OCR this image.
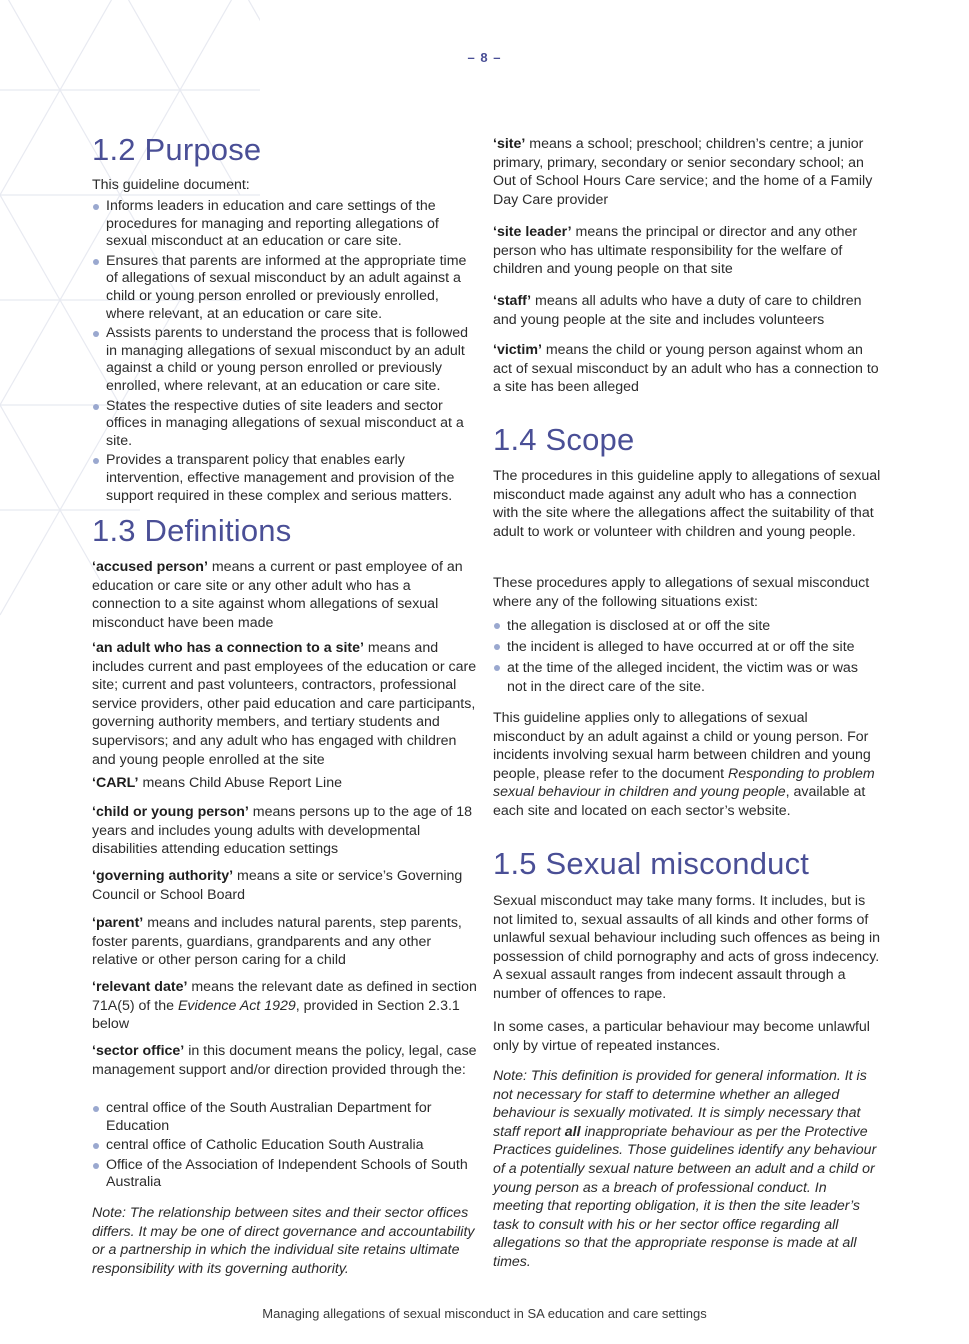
– 8 –
1.2 Purpose

This guideline document:

Informs leaders in education and care settings of the procedures for managing and reporting allegations of sexual misconduct at an education or care site.
Ensures that parents are informed at the appropriate time of allegations of sexual misconduct by an adult against a child or young person enrolled or previously enrolled, where relevant, at an education or care site.
Assists parents to understand the process that is followed in managing allegations of sexual misconduct by an adult against a child or young person enrolled or previously enrolled, where relevant, at an education or care site.
States the respective duties of site leaders and sector offices in managing allegations of sexual misconduct at a site.
Provides a transparent policy that enables early intervention, effective management and provision of the support required in these complex and serious matters.
1.3 Definitions

‘accused person’ means a current or past employee of an education or care site or any other adult who has a connection to a site against whom allegations of sexual misconduct have been made

‘an adult who has a connection to a site’ means and includes current and past employees of the education or care site; current and past volunteers, contractors, professional service providers, other paid education and care participants, governing authority members, and tertiary students and supervisors; and any adult who has engaged with children and young people enrolled at the site

‘CARL’ means Child Abuse Report Line

‘child or young person’ means persons up to the age of 18 years and includes young adults with developmental disabilities attending education settings

‘governing authority’ means a site or service’s Governing Council or School Board

‘parent’ means and includes natural parents, step parents, foster parents, guardians, grandparents and any other relative or other person caring for a child

‘relevant date’ means the relevant date as defined in section 71A(5) of the Evidence Act 1929, provided in Section 2.3.1 below

‘sector office’ in this document means the policy, legal, case management support and/or direction provided through the:

central office of the South Australian Department for Education
central office of Catholic Education South Australia
Office of the Association of Independent Schools of South Australia

Note: The relationship between sites and their sector offices differs. It may be one of direct governance and accountability or a partnership in which the individual site retains ultimate responsibility with its governing authority.

‘site’ means a school; preschool; children’s centre; a junior primary, primary, secondary or senior secondary school; an Out of School Hours Care service; and the home of a Family Day Care provider

‘site leader’ means the principal or director and any other person who has ultimate responsibility for the welfare of children and young people on that site

‘staff’ means all adults who have a duty of care to children and young people at the site and includes volunteers

‘victim’ means the child or young person against whom an act of sexual misconduct by an adult who has a connection to a site has been alleged

1.4 Scope

The procedures in this guideline apply to allegations of sexual misconduct made against any adult who has a connection with the site where the allegations affect the suitability of that adult to work or volunteer with children and young people.

These procedures apply to allegations of sexual misconduct where any of the following situations exist:

the allegation is disclosed at or off the site
the incident is alleged to have occurred at or off the site
at the time of the alleged incident, the victim was or was not in the direct care of the site.

This guideline applies only to allegations of sexual misconduct by an adult against a child or young person. For incidents involving sexual harm between children and young people, please refer to the document Responding to problem sexual behaviour in children and young people, available at each site and located on each sector’s website.

1.5 Sexual misconduct

Sexual misconduct may take many forms. It includes, but is not limited to, sexual assaults of all kinds and other forms of unlawful sexual behaviour including such offences as being in possession of child pornography and acts of gross indecency. A sexual assault ranges from indecent assault through a number of offences to rape.

In some cases, a particular behaviour may become unlawful only by virtue of repeated instances.

Note: This definition is provided for general information. It is not necessary for staff to determine whether an alleged behaviour is sexually motivated. It is simply necessary that staff report all inappropriate behaviour as per the Protective Practices guidelines. Those guidelines identify any behaviour of a potentially sexual nature between an adult and a child or young person as a breach of professional conduct. In meeting that reporting obligation, it is then the site leader’s task to consult with his or her sector office regarding all allegations so that the appropriate response is made at all times.

Managing allegations of sexual misconduct in SA education and care settings
